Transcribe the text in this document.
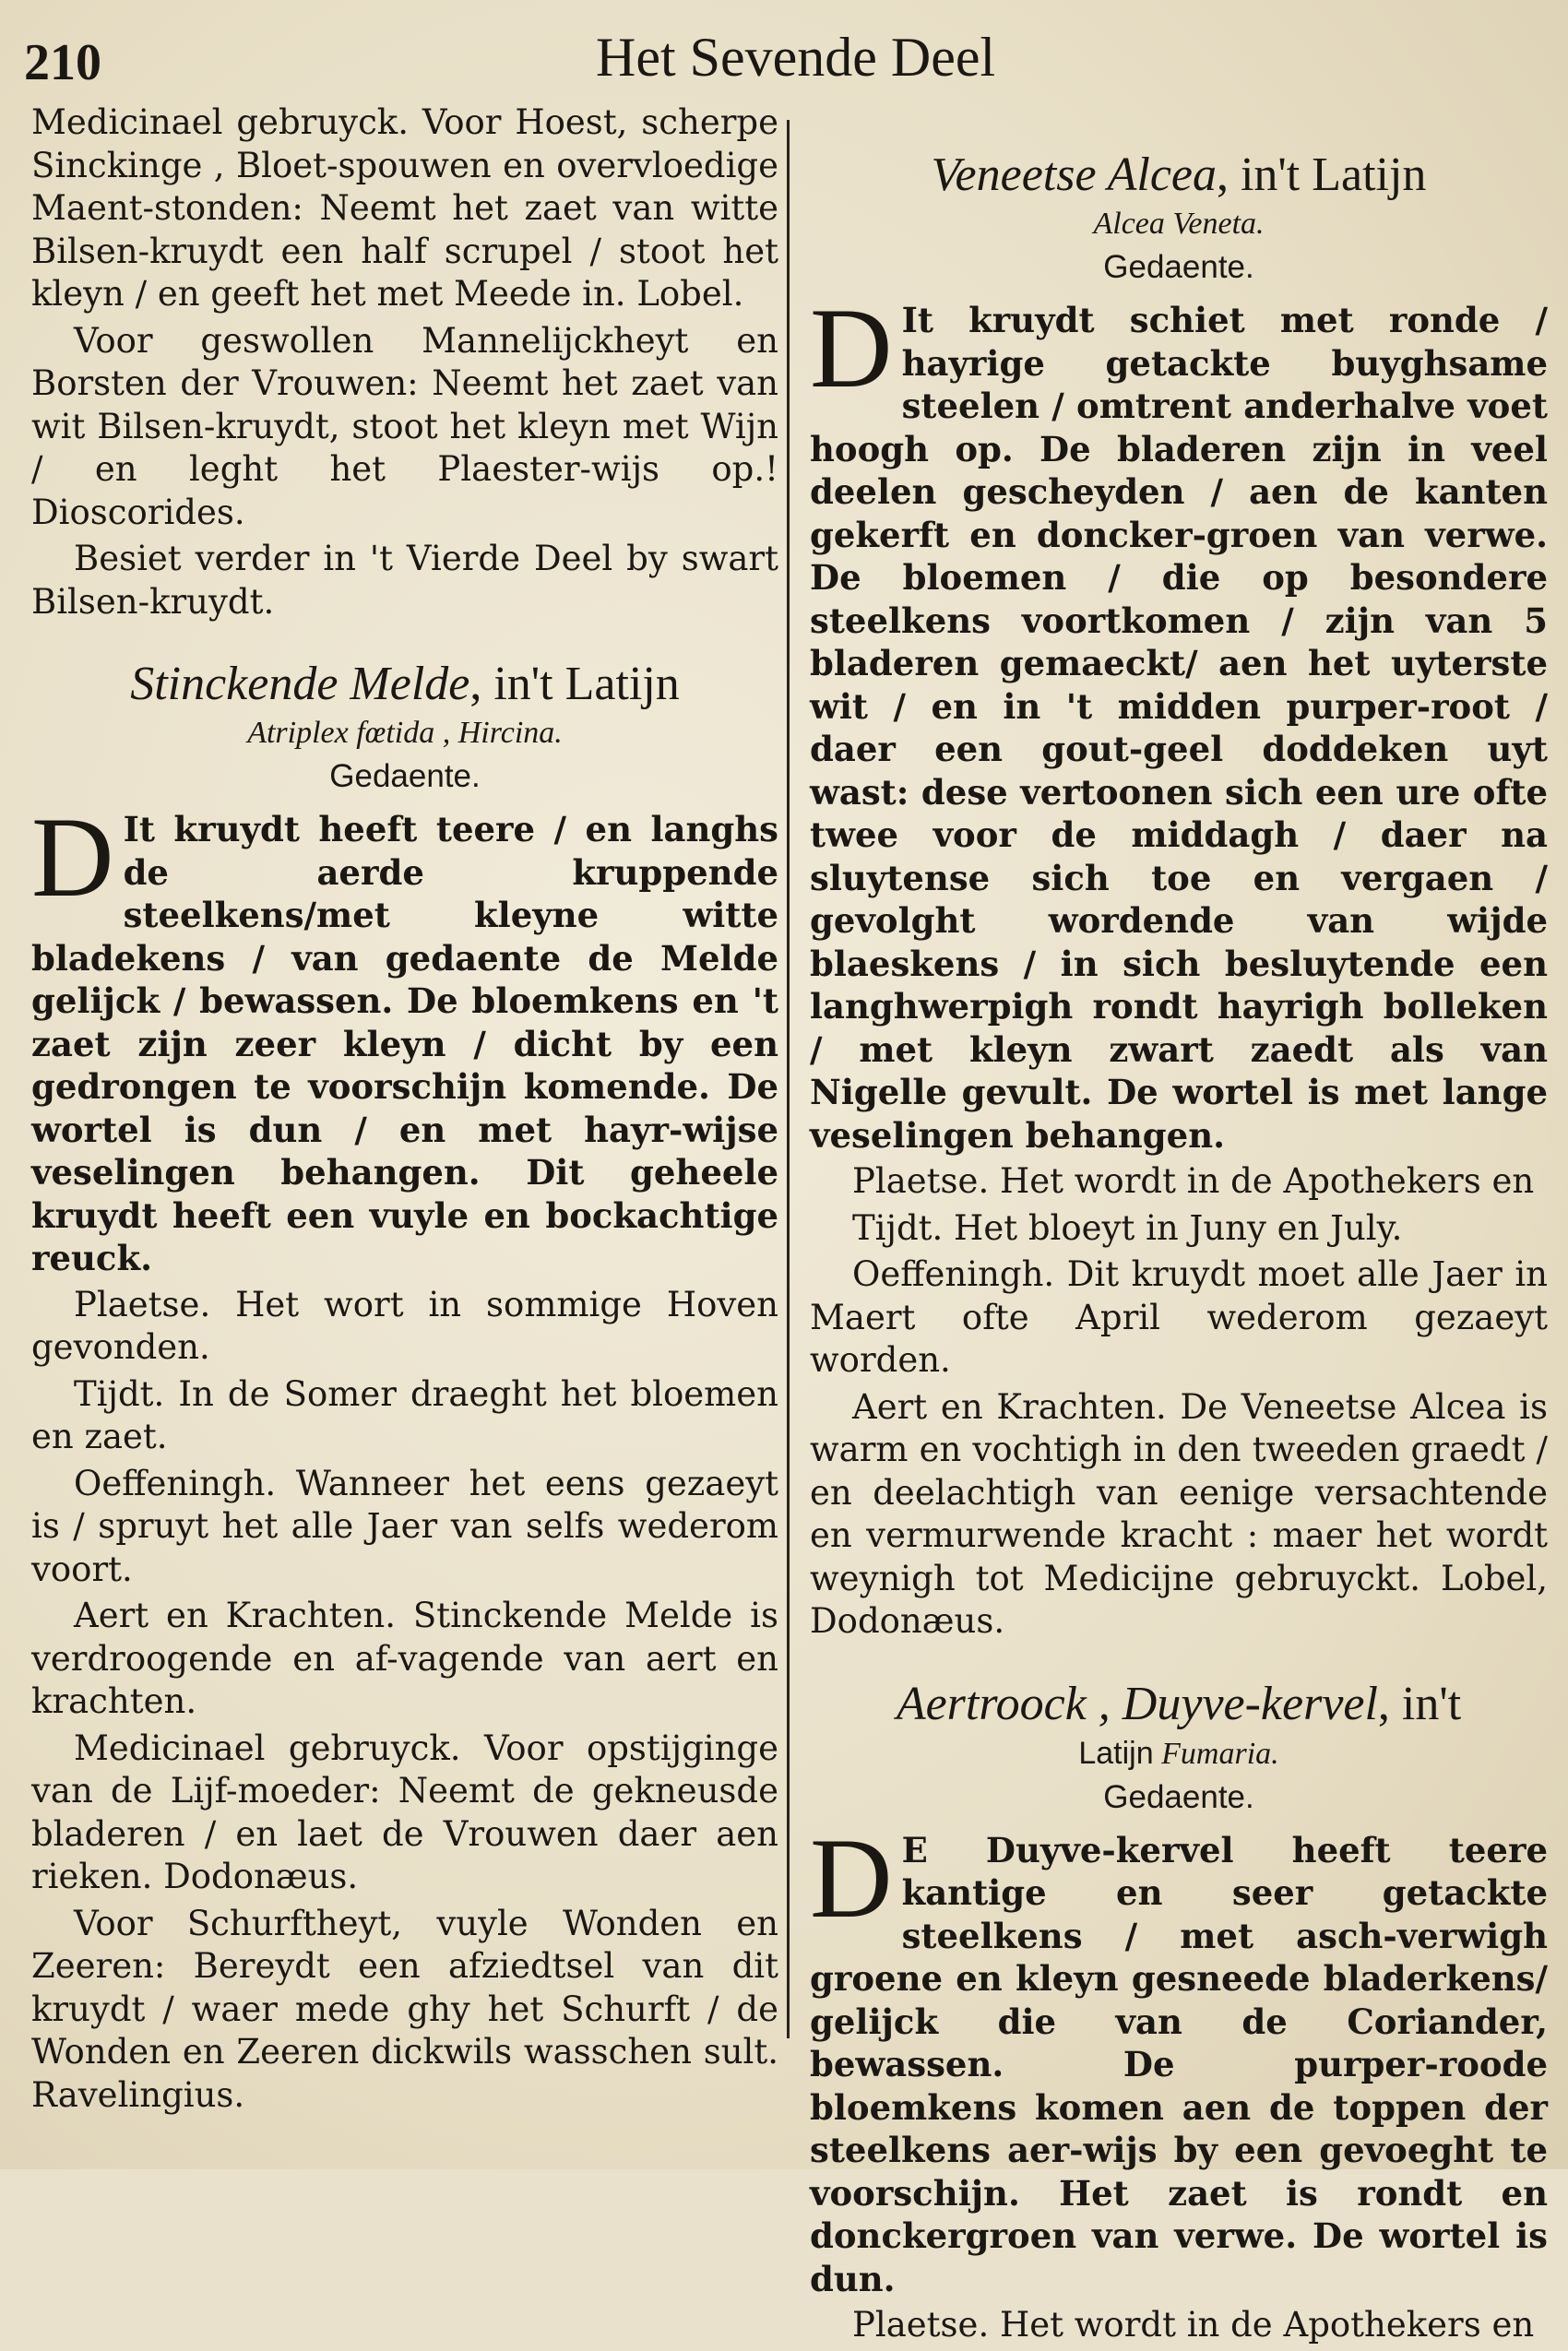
210	Het Sevende Deel

Medicinael gebruyck. Voor Hoest, scherpe Sinckinge , Bloet-spouwen en overvloedige Maent-stonden: Neemt het zaet van witte Bilsen-kruydt een half scrupel / stoot het kleyn / en geeft het met Meede in. Lobel.

Voor geswollen Mannelijckheyt en Borsten der Vrouwen: Neemt het zaet van wit Bilsen-kruydt, stoot het kleyn met Wijn / en leght het Plaester-wijs op.! Dioscorides.

Besiet verder in 't Vierde Deel by swart Bilsen-kruydt.

Stinckende Melde, in't Latijn
Atriplex fœtida , Hircina.
Gedaente.

D It kruydt heeft teere / en langhs de aerde kruppende steelkens/met kleyne witte bladekens / van gedaente de Melde gelijck / bewassen. De bloemkens en 't zaet zijn zeer kleyn / dicht by een gedrongen te voorschijn komende. De wortel is dun / en met hayr-wijse veselingen behangen. Dit geheele kruydt heeft een vuyle en bockachtige reuck.

Plaetse. Het wort in sommige Hoven gevonden.

Tijdt. In de Somer draeght het bloemen en zaet.

Oeffeningh. Wanneer het eens gezaeyt is / spruyt het alle Jaer van selfs wederom voort.

Aert en Krachten. Stinckende Melde is verdroogende en af-vagende van aert en krachten.

Medicinael gebruyck. Voor opstijginge van de Lijf-moeder: Neemt de gekneusde bladeren / en laet de Vrouwen daer aen rieken. Dodonæus.

Voor Schurftheyt, vuyle Wonden en Zeeren: Bereydt een afziedtsel van dit kruydt / waer mede ghy het Schurft / de Wonden en Zeeren dickwils wasschen sult. Ravelingius.

Veneetse Alcea, in't Latijn
Alcea Veneta.
Gedaente.

D It kruydt schiet met ronde / hayrige getackte buyghsame steelen / omtrent anderhalve voet hoogh op. De bladeren zijn in veel deelen gescheyden / aen de kanten gekerft en doncker-groen van verwe. De bloemen / die op besondere steelkens voortkomen / zijn van 5 bladeren gemaeckt/ aen het uyterste wit / en in 't midden purper-root / daer een gout-geel doddeken uyt wast: dese vertoonen sich een ure ofte twee voor de middagh / daer na sluytense sich toe en vergaen / gevolght wordende van wijde blaeskens / in sich besluytende een langhwerpigh rondt hayrigh bolleken / met kleyn zwart zaedt als van Nigelle gevult. De wortel is met lange veselingen behangen.

Plaetse. Het wordt in de Apothekers en

Tijdt. Het bloeyt in Juny en July.

Oeffeningh. Dit kruydt moet alle Jaer in Maert ofte April wederom gezaeyt worden.

Aert en Krachten. De Veneetse Alcea is warm en vochtigh in den tweeden graedt / en deelachtigh van eenige versachtende en vermurwende kracht : maer het wordt weynigh tot Medicijne gebruyckt. Lobel, Dodonæus.

Aertroock , Duyve-kervel, in't
Latijn Fumaria.
Gedaente.

D E Duyve-kervel heeft teere kantige en seer getackte steelkens / met asch-verwigh groene en kleyn gesneede bladerkens/ gelijck die van de Coriander, bewassen. De purper-roode bloemkens komen aen de toppen der steelkens aer-wijs by een gevoeght te voorschijn. Het zaet is rondt en donckergroen van verwe. De wortel is dun.

Plaetse. Het wordt in de Apothekers en
